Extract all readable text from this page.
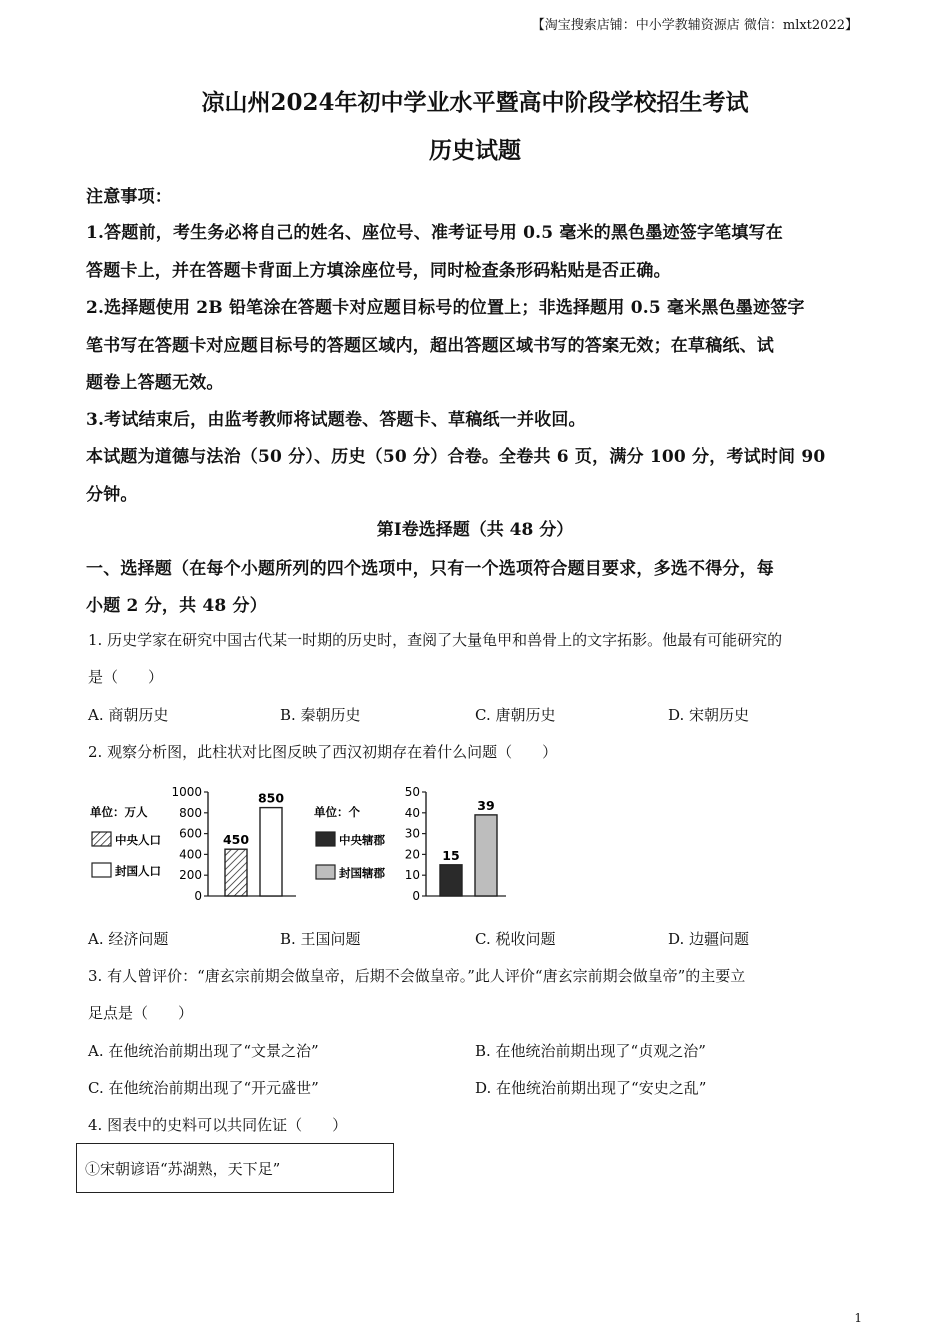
【淘宝搜索店铺：中小学教辅资源店 微信：mlxt2022】
凉山州2024年初中学业水平暨高中阶段学校招生考试
历史试题
注意事项：
1.答题前，考生务必将自己的姓名、座位号、准考证号用 0.5 毫米的黑色墨迹签字笔填写在
答题卡上，并在答题卡背面上方填涂座位号，同时检查条形码粘贴是否正确。
2.选择题使用 2B 铅笔涂在答题卡对应题目标号的位置上；非选择题用 0.5 毫米黑色墨迹签字
笔书写在答题卡对应题目标号的答题区域内，超出答题区域书写的答案无效；在草稿纸、试
题卷上答题无效。
3.考试结束后，由监考教师将试题卷、答题卡、草稿纸一并收回。
本试题为道德与法治（50 分）、历史（50 分）合卷。全卷共 6 页，满分 100 分，考试时间 90
分钟。
第Ⅰ卷选择题（共 48 分）
一、选择题（在每个小题所列的四个选项中，只有一个选项符合题目要求，多选不得分，每
小题 2 分，共 48 分）
1. 历史学家在研究中国古代某一时期的历史时，查阅了大量龟甲和兽骨上的文字拓影。他最有可能研究的
是（　　）
A. 商朝历史	B. 秦朝历史	C. 唐朝历史	D. 宋朝历史
2. 观察分析图，此柱状对比图反映了西汉初期存在着什么问题（　　）
单位：万人
中央人口
封国人口
0
200
400
600
800
1000
450
850
单位：个
中央辖郡
封国辖郡
0
10
20
30
40
50
15
39
A. 经济问题	B. 王国问题	C. 税收问题	D. 边疆问题
3. 有人曾评价：“唐玄宗前期会做皇帝，后期不会做皇帝。”此人评价“唐玄宗前期会做皇帝”的主要立
足点是（　　）
A. 在他统治前期出现了“文景之治”	B. 在他统治前期出现了“贞观之治”
C. 在他统治前期出现了“开元盛世”	D. 在他统治前期出现了“安史之乱”
4. 图表中的史料可以共同佐证（　　）
①宋朝谚语“苏湖熟，天下足”
1
